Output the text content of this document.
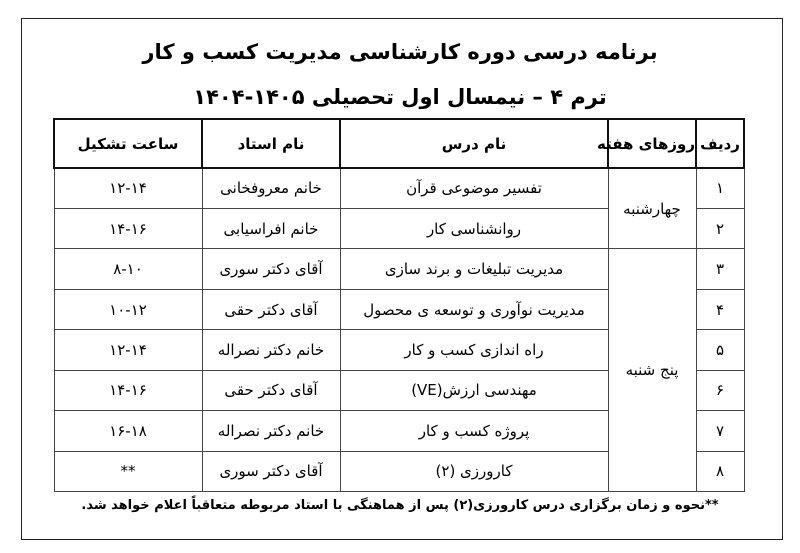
برنامه درسی دوره کارشناسی مدیریت کسب و کار
ترم ۴ – نیمسال اول تحصیلی ۱۴۰۵-۱۴۰۴
ردیف	روزهای هفته	نام درس	نام استاد	ساعت تشکیل
۱	چهارشنبه	تفسیر موضوعی قرآن	خانم معروفخانی	۱۲-۱۴
۲		روانشناسی کار	خانم افراسیابی	۱۴-۱۶
۳	پنج شنبه	مدیریت تبلیغات و برند سازی	آقای دکتر سوری	۸-۱۰
۴		مدیریت نوآوری و توسعه ی محصول	آقای دکتر حقی	۱۰-۱۲
۵		راه اندازی کسب و کار	خانم دکتر نصراله	۱۲-۱۴
۶		مهندسی ارزش(VE)	آقای دکتر حقی	۱۴-۱۶
۷		پروژه کسب و کار	خانم دکتر نصراله	۱۶-۱۸
۸		کارورزی (۲)	آقای دکتر سوری	**
**نحوه و زمان برگزاری درس کارورزی(۲) پس از هماهنگی با استاد مربوطه متعاقباً اعلام خواهد شد.
